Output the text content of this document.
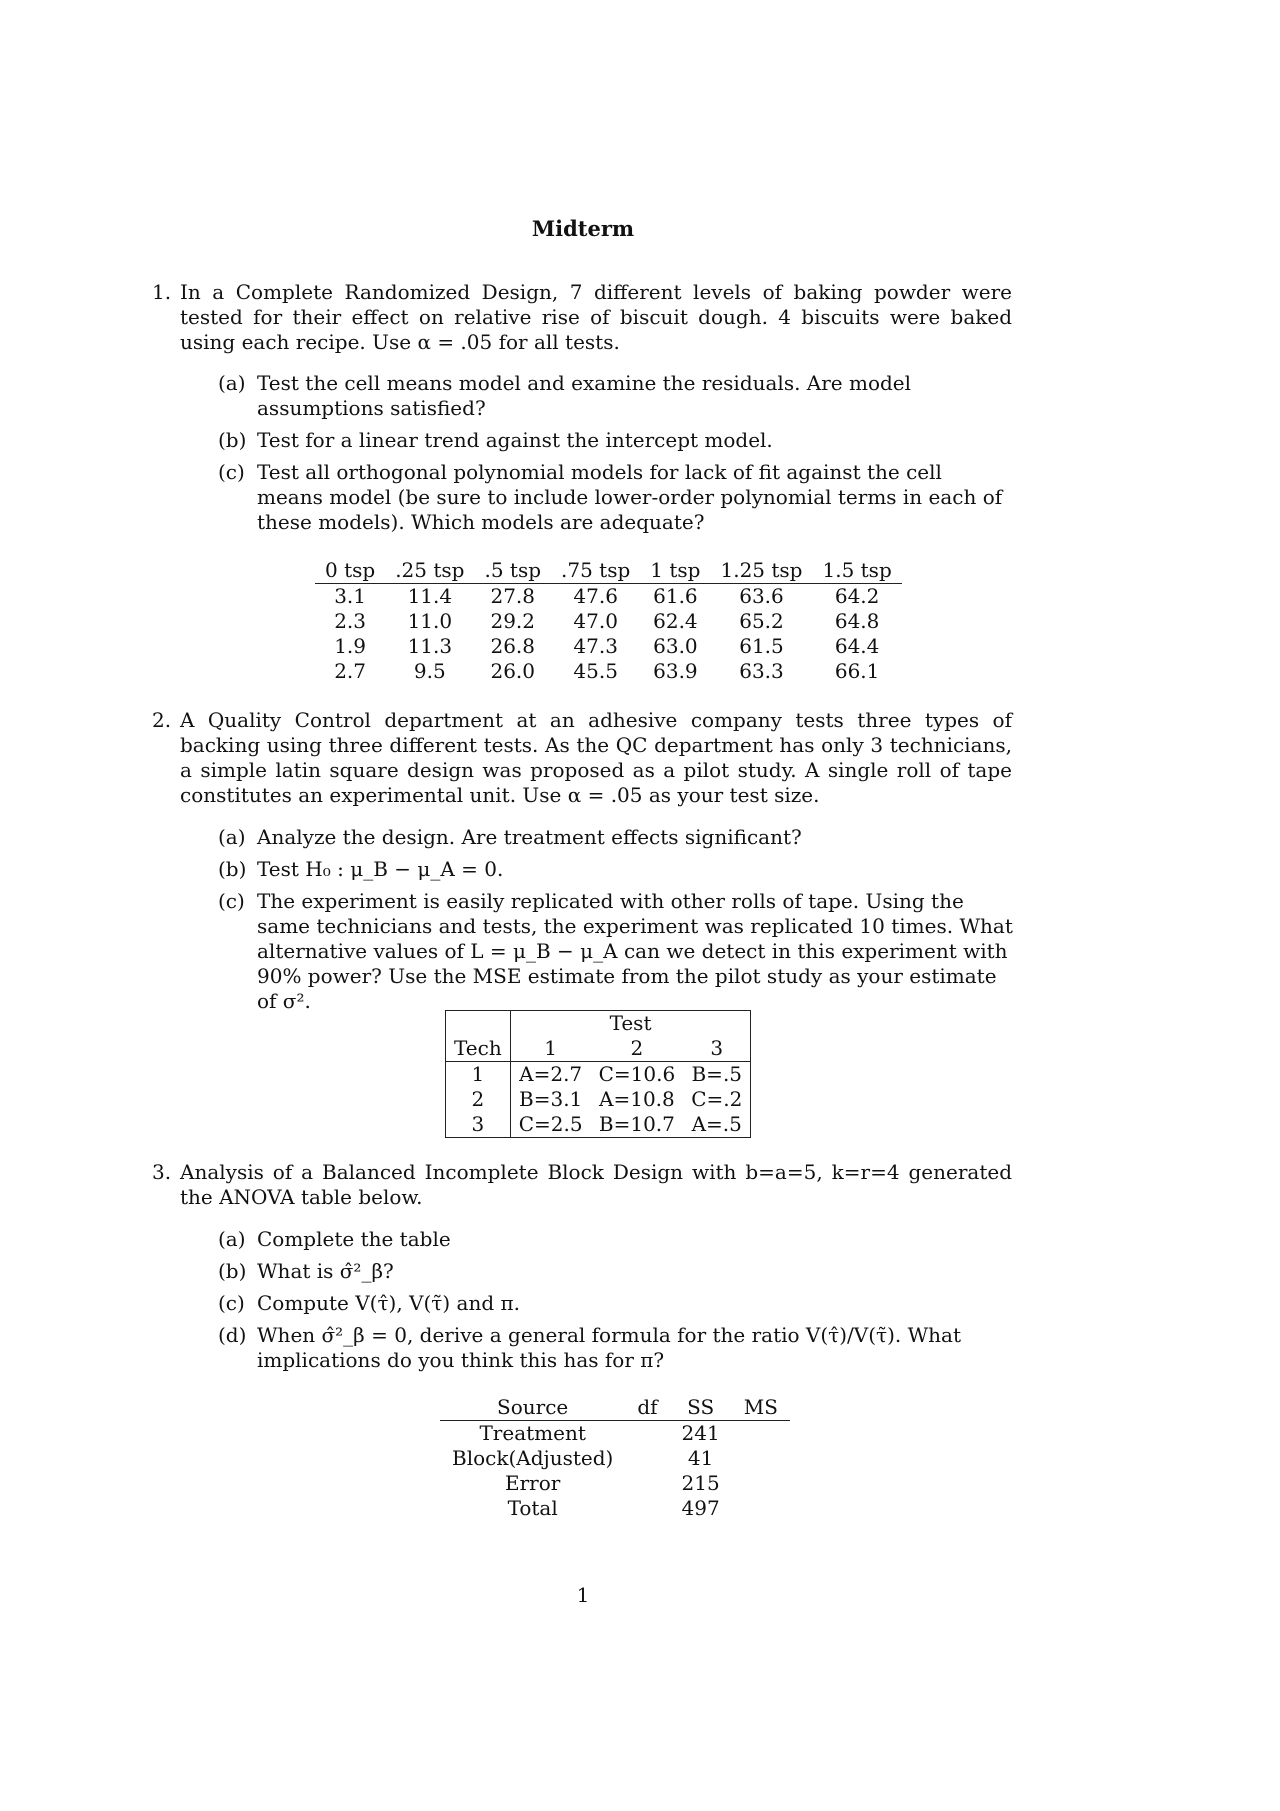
Midterm
1. In a Complete Randomized Design, 7 different levels of baking powder were tested for their effect on relative rise of biscuit dough. 4 biscuits were baked using each recipe. Use α = .05 for all tests.
(a) Test the cell means model and examine the residuals. Are model assumptions satisfied?
(b) Test for a linear trend against the intercept model.
(c) Test all orthogonal polynomial models for lack of fit against the cell means model (be sure to include lower-order polynomial terms in each of these models). Which models are adequate?
0 tsp	.25 tsp	.5 tsp	.75 tsp	1 tsp	1.25 tsp	1.5 tsp
3.1	11.4	27.8	47.6	61.6	63.6	64.2
2.3	11.0	29.2	47.0	62.4	65.2	64.8
1.9	11.3	26.8	47.3	63.0	61.5	64.4
2.7	9.5	26.0	45.5	63.9	63.3	66.1
2. A Quality Control department at an adhesive company tests three types of backing using three different tests. As the QC department has only 3 technicians, a simple latin square design was proposed as a pilot study. A single roll of tape constitutes an experimental unit. Use α = .05 as your test size.
(a) Analyze the design. Are treatment effects significant?
(b) Test H₀ : μ_B − μ_A = 0.
(c) The experiment is easily replicated with other rolls of tape. Using the same technicians and tests, the experiment was replicated 10 times. What alternative values of L = μ_B − μ_A can we detect in this experiment with 90% power? Use the MSE estimate from the pilot study as your estimate of σ².
	Test		
Tech	1	2	3
1	A=2.7	C=10.6	B=.5
2	B=3.1	A=10.8	C=.2
3	C=2.5	B=10.7	A=.5
3. Analysis of a Balanced Incomplete Block Design with b=a=5, k=r=4 generated the ANOVA table below.
(a) Complete the table
(b) What is σ̂²_β?
(c) Compute V(τ̂), V(τ̃) and π.
(d) When σ̂²_β = 0, derive a general formula for the ratio V(τ̂)/V(τ̃). What implications do you think this has for π?
Source	df	SS	MS
Treatment		241	
Block(Adjusted)		41	
Error		215	
Total		497	
1
